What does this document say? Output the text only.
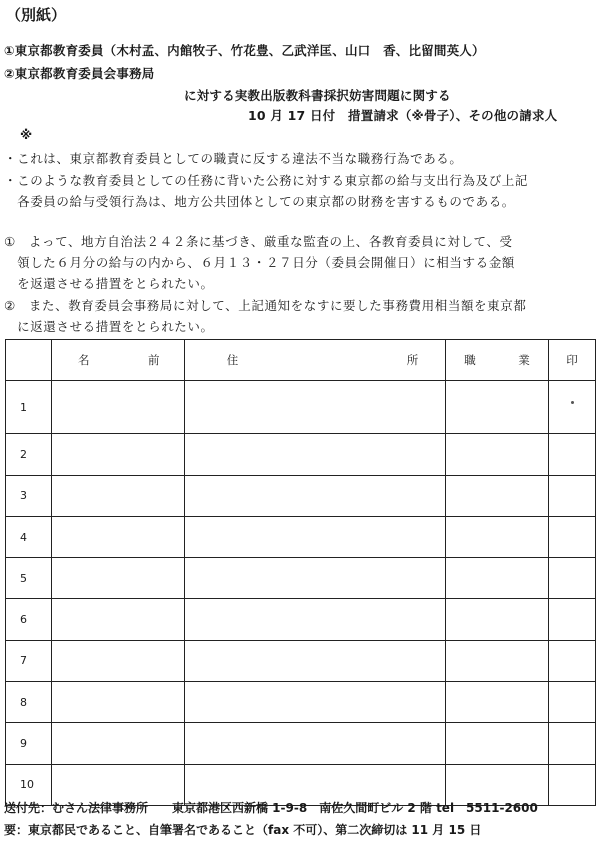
（別紙）
①東京都教育委員（木村孟、内館牧子、竹花豊、乙武洋匡、山口　香、比留間英人）
②東京都教育委員会事務局
に対する実教出版教科書採択妨害問題に関する
10 月 17 日付　措置請求（※骨子）、その他の請求人
※
・これは、東京都教育委員としての職責に反する違法不当な職務行為である。
・このような教育委員としての任務に背いた公務に対する東京都の給与支出行為及び上記
　各委員の給与受領行為は、地方公共団体としての東京都の財務を害するものである。
①　よって、地方自治法２４２条に基づき、厳重な監査の上、各教育委員に対して、受
　領した６月分の給与の内から、６月１３・２７日分（委員会開催日）に相当する金額
　を返還させる措置をとられたい。
②　また、教育委員会事務局に対して、上記通知をなすに要した事務費用相当額を東京都
　に返還させる措置をとられたい。

	名 前	住 所	職 業	印
1				
2				
3				
4				
5				
6				
7				
8				
9				
10				
送付先：むさん法律事務所　　東京都港区西新橋 1-9-8　南佐久間町ビル 2 階 tel　5511-2600
要：東京都民であること、自筆署名であること（fax 不可）、第二次締切は 11 月 15 日
